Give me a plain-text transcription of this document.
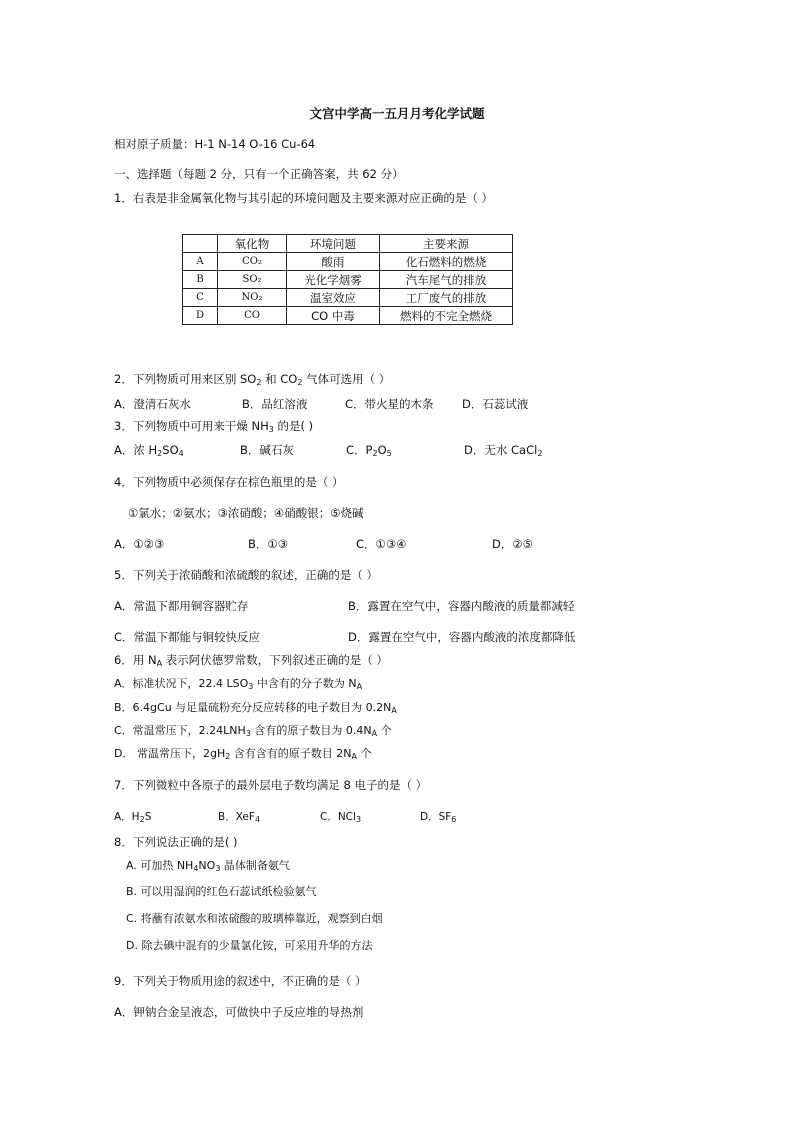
文宫中学高一五月月考化学试题
相对原子质量：H-1 N-14 O-16 Cu-64
一、选择题（每题 2 分，只有一个正确答案，共 62 分）
1．右表是非金属氧化物与其引起的环境问题及主要来源对应正确的是（ ）
	氧化物	环境问题	主要来源
A	CO₂	酸雨	化石燃料的燃烧
B	SO₂	光化学烟雾	汽车尾气的排放
C	NO₂	温室效应	工厂废气的排放
D	CO	CO 中毒	燃料的不完全燃烧
2．下列物质可用来区别 $SO_2$ 和 $CO_2$ 气体可选用（ ）
A．澄清石灰水	B．品红溶液	C．带火星的木条 D．石蕊试液
3．下列物质中可用来干燥 $NH_3$ 的是( )
A．浓 $H_2SO_4$	B．碱石灰	C．$P_2O_5$	D．无水 CaCl$_2$
4．下列物质中必须保存在棕色瓶里的是（ ）
①氯水；②氨水；③浓硝酸；④硝酸银；⑤烧碱
A．①②③	B．①③	C．①③④	D．②⑤
5．下列关于浓硝酸和浓硫酸的叙述，正确的是（ ）
A．常温下都用铜容器贮存	B．露置在空气中，容器内酸液的质量都减轻
C．常温下都能与铜较快反应	D．露置在空气中，容器内酸液的浓度都降低
6．用 $N_A$ 表示阿伏德罗常数，下列叙述正确的是（ ）
A．标准状况下，22.4 $LSO_3$ 中含有的分子数为 $N_A$
B．6.4gCu 与足量硫粉充分反应转移的电子数目为 $0.2N_A$
C．常温常压下，$2.24LNH_3$ 含有的原子数目为 $0.4N_A$ 个
D． 常温常压下，$2gH_2$ 含有含有的原子数目 $2N_A$ 个
7．下列微粒中各原子的最外层电子数均满足 8 电子的是（ ）
A．$H_2S$	B．XeF$_4$	C．NCl$_3$	D．$SF_6$
8．下列说法正确的是( )
A. 可加热 $NH_4NO_3$ 晶体制备氨气
B. 可以用湿润的红色石蕊试纸检验氨气
C. 将蘸有浓氨水和浓硫酸的玻璃棒靠近，观察到白烟
D. 除去碘中混有的少量氯化铵，可采用升华的方法
9．下列关于物质用途的叙述中，不正确的是（ ）
A．钾钠合金呈液态，可做快中子反应堆的导热剂
